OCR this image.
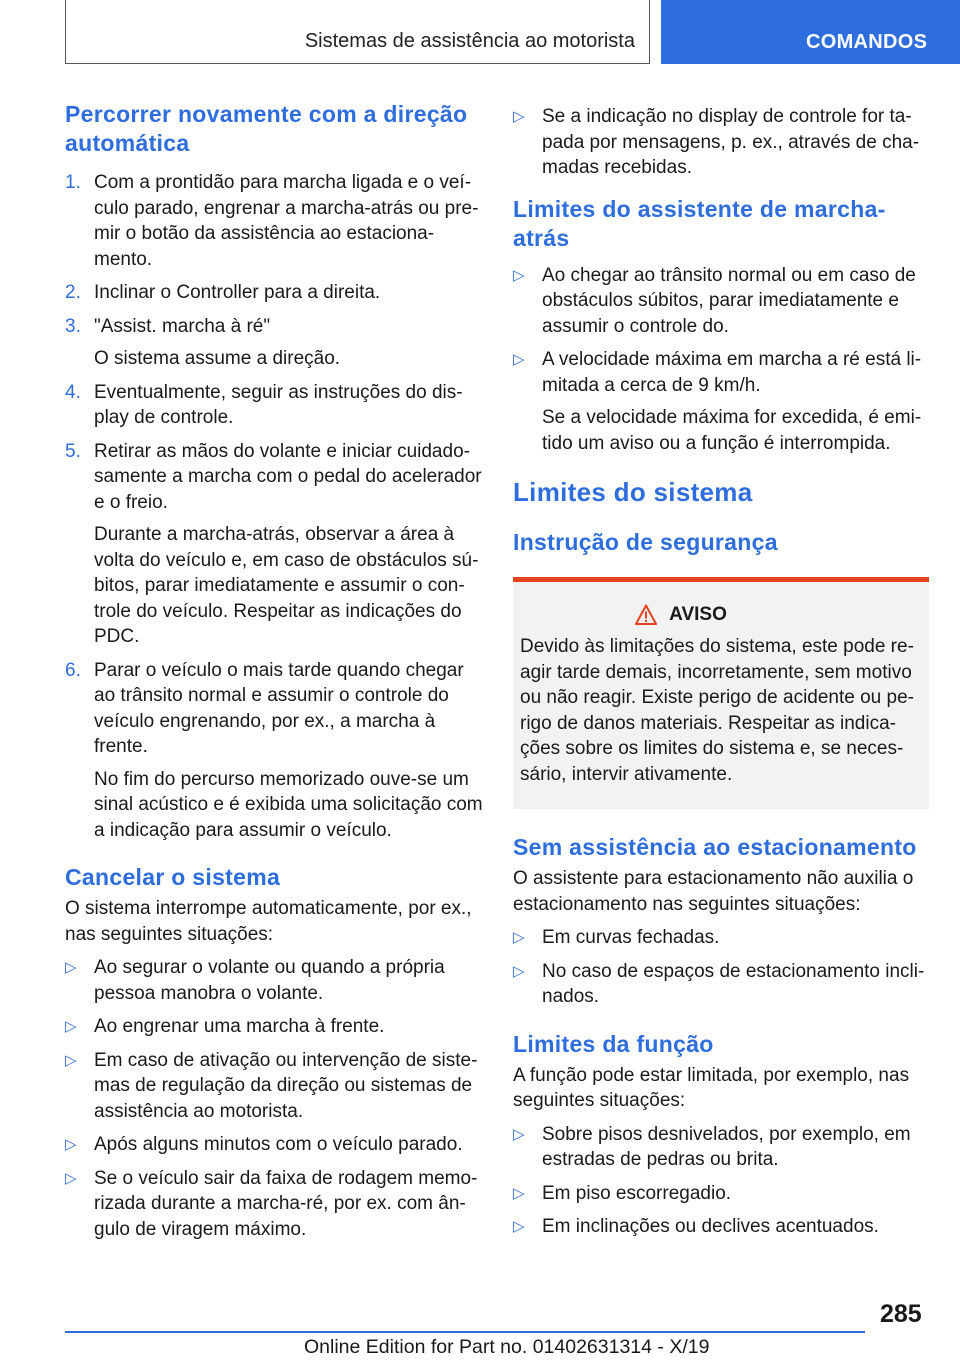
Sistemas de assistência ao motorista	COMANDOS
Percorrer novamente com a direção automática
1. Com a prontidão para marcha ligada e o veículo parado, engrenar a marcha-atrás ou premir o botão da assistência ao estacionamento.
2. Inclinar o Controller para a direita.
3. "Assist. marcha à ré"
O sistema assume a direção.
4. Eventualmente, seguir as instruções do display de controle.
5. Retirar as mãos do volante e iniciar cuidadosamente a marcha com o pedal do acelerador e o freio.
Durante a marcha-atrás, observar a área à volta do veículo e, em caso de obstáculos súbitos, parar imediatamente e assumir o controle do veículo. Respeitar as indicações do PDC.
6. Parar o veículo o mais tarde quando chegar ao trânsito normal e assumir o controle do veículo engrenando, por ex., a marcha à frente.
No fim do percurso memorizado ouve-se um sinal acústico e é exibida uma solicitação com a indicação para assumir o veículo.
Cancelar o sistema

O sistema interrompe automaticamente, por ex., nas seguintes situações:

▷ Ao segurar o volante ou quando a própria pessoa manobra o volante.
▷ Ao engrenar uma marcha à frente.
▷ Em caso de ativação ou intervenção de sistemas de regulação da direção ou sistemas de assistência ao motorista.
▷ Após alguns minutos com o veículo parado.
▷ Se o veículo sair da faixa de rodagem memorizada durante a marcha-ré, por ex. com ângulo de viragem máximo.
▷ Se a indicação no display de controle for tapada por mensagens, p. ex., através de chamadas recebidas.
Limites do assistente de marcha-atrás
▷ Ao chegar ao trânsito normal ou em caso de obstáculos súbitos, parar imediatamente e assumir o controle do.
▷ A velocidade máxima em marcha a ré está limitada a cerca de 9 km/h.
Se a velocidade máxima for excedida, é emitido um aviso ou a função é interrompida.
Limites do sistema
Instrução de segurança
AVISO

Devido às limitações do sistema, este pode reagir tarde demais, incorretamente, sem motivo ou não reagir. Existe perigo de acidente ou perigo de danos materiais. Respeitar as indicações sobre os limites do sistema e, se necessário, intervir ativamente.

Sem assistência ao estacionamento

O assistente para estacionamento não auxilia o estacionamento nas seguintes situações:

▷ Em curvas fechadas.
▷ No caso de espaços de estacionamento inclinados.
Limites da função

A função pode estar limitada, por exemplo, nas seguintes situações:

▷ Sobre pisos desnivelados, por exemplo, em estradas de pedras ou brita.
▷ Em piso escorregadio.
▷ Em inclinações ou declives acentuados.
285
Online Edition for Part no. 01402631314 - X/19
